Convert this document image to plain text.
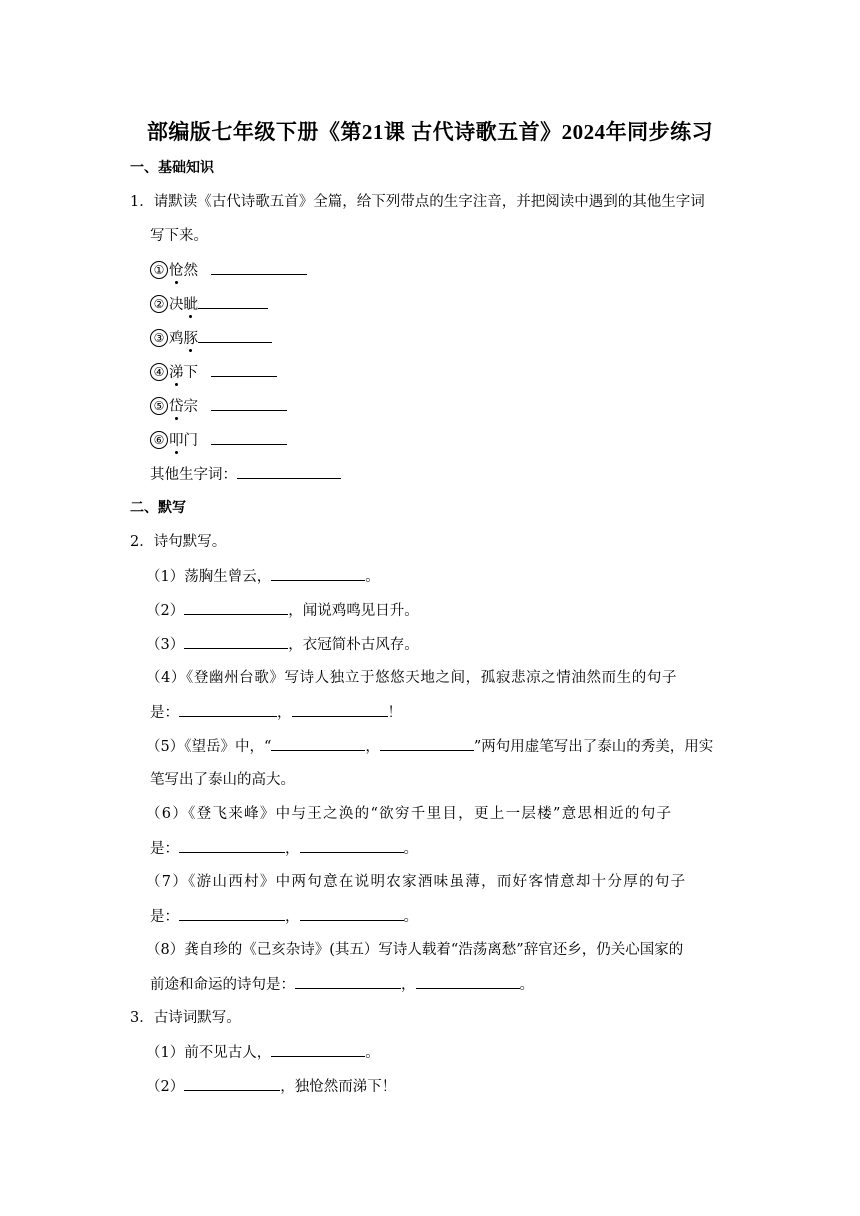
部编版七年级下册《第21课 古代诗歌五首》2024年同步练习
一、基础知识
1．请默读《古代诗歌五首》全篇，给下列带点的生字注音，并把阅读中遇到的其他生字词
写下来。
① 怆然
② 决眦
③ 鸡豚
④ 涕下
⑤ 岱宗
⑥ 叩门
其他生字词：
二、默写
2．诗句默写。
（1）荡胸生曾云，	。
（2）	，闻说鸡鸣见日升。
（3）	，衣冠简朴古风存。
（4）《登幽州台歌》写诗人独立于悠悠天地之间，孤寂悲凉之情油然而生的句子
是：	，	！
（5）《望岳》中，“	，	”两句用虚笔写出了泰山的秀美，用实
笔写出了泰山的高大。
（6）《登飞来峰》中与王之涣的“欲穷千里目，更上一层楼”意思相近的句子
是：	，	。
（7）《游山西村》中两句意在说明农家酒味虽薄，而好客情意却十分厚的句子
是：	，	。
（8）龚自珍的《己亥杂诗》(其五）写诗人载着“浩荡离愁”辞官还乡，仍关心国家的
前途和命运的诗句是：	，	。
3．古诗词默写。
（1）前不见古人，	。
（2）	，独怆然而涕下！
